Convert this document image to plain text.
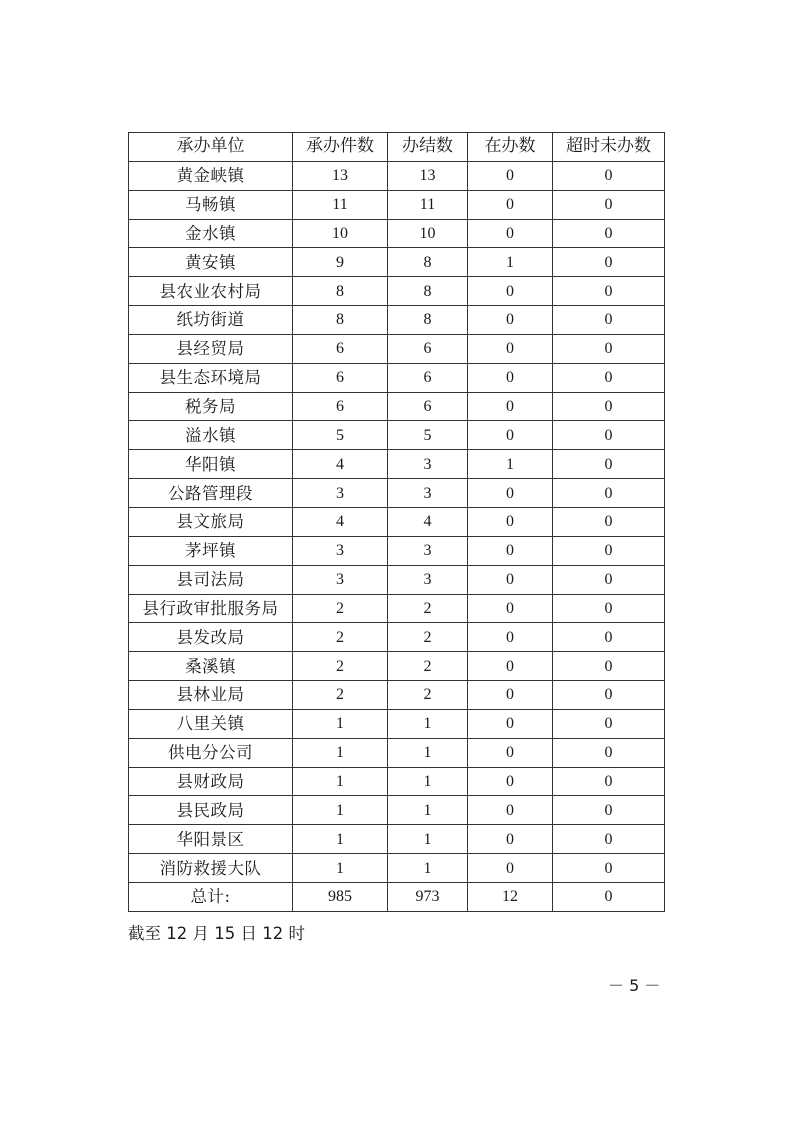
承办单位	承办件数	办结数	在办数	超时未办数
黄金峡镇	13	13	0	0
马畅镇	11	11	0	0
金水镇	10	10	0	0
黄安镇	9	8	1	0
县农业农村局	8	8	0	0
纸坊街道	8	8	0	0
县经贸局	6	6	0	0
县生态环境局	6	6	0	0
税务局	6	6	0	0
溢水镇	5	5	0	0
华阳镇	4	3	1	0
公路管理段	3	3	0	0
县文旅局	4	4	0	0
茅坪镇	3	3	0	0
县司法局	3	3	0	0
县行政审批服务局	2	2	0	0
县发改局	2	2	0	0
桑溪镇	2	2	0	0
县林业局	2	2	0	0
八里关镇	1	1	0	0
供电分公司	1	1	0	0
县财政局	1	1	0	0
县民政局	1	1	0	0
华阳景区	1	1	0	0
消防救援大队	1	1	0	0
总计:	985	973	12	0
截至 12 月 15 日 12 时
－ 5 －
